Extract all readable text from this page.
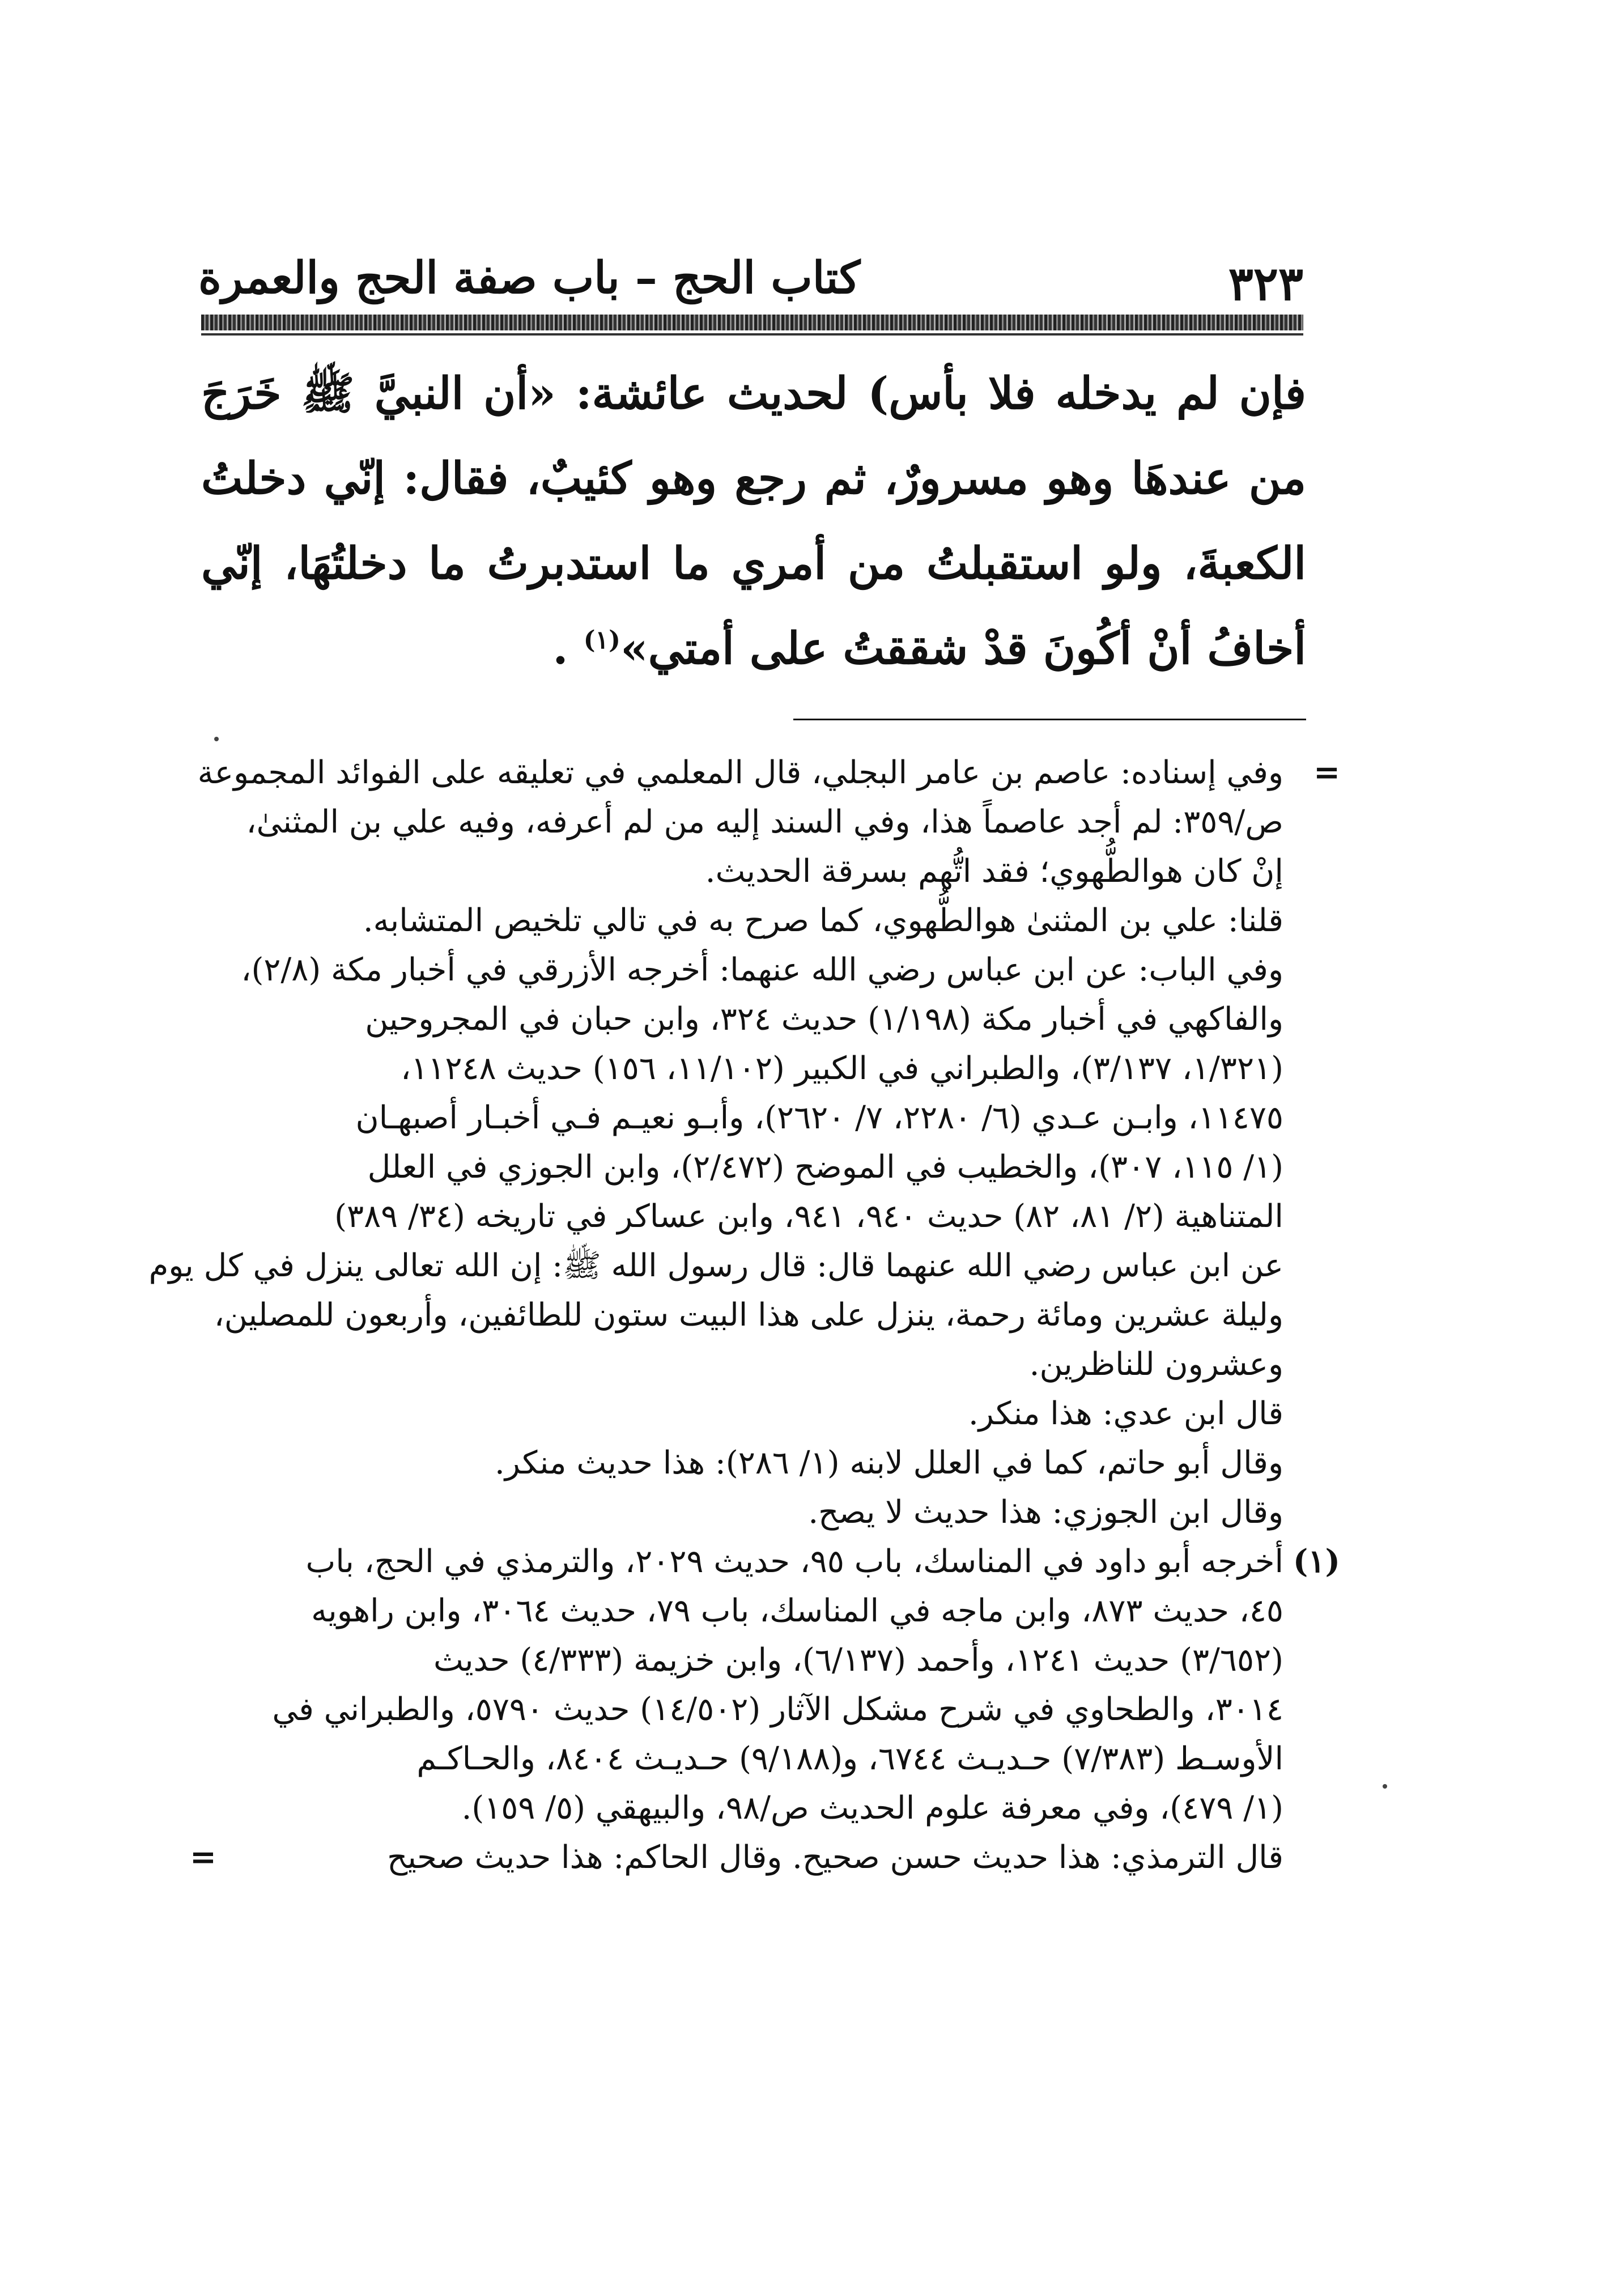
٣٢٣
كتاب الحج – باب صفة الحج والعمرة
فإن لم يدخله فلا بأس) لحديث عائشة: «أن النبيَّ ﷺ خَرَجَ من عندهَا وهو مسرورٌ، ثم رجع وهو كئيبٌ، فقال: إنّي دخلتُ الكعبةَ، ولو استقبلتُ من أمري ما استدبرتُ ما دخلتُهَا، إنّي أخافُ أنْ أكُونَ قدْ شققتُ على أمتي»$^{(١)}$ .
=
وفي إسناده: عاصم بن عامر البجلي، قال المعلمي في تعليقه على الفوائد المجموعة
ص/٣٥٩: لم أجد عاصماً هذا، وفي السند إليه من لم أعرفه، وفيه علي بن المثنىٰ،
إنْ كان هوالطُّهوي؛ فقد اتُّهم بسرقة الحديث.
قلنا: علي بن المثنىٰ هوالطُّهوي، كما صرح به في تالي تلخيص المتشابه.
وفي الباب: عن ابن عباس رضي الله عنهما: أخرجه الأزرقي في أخبار مكة (٢/٨)،
والفاكهي في أخبار مكة (١/١٩٨) حديث ٣٢٤، وابن حبان في المجروحين
(١/٣٢١، ٣/١٣٧)، والطبراني في الكبير (١١/١٠٢، ١٥٦) حديث ١١٢٤٨،
١١٤٧٥، وابـن عـدي (٦/ ٢٢٨٠، ٧/ ٢٦٢٠)، وأبـو نعيـم فـي أخبـار أصبهـان
(١/ ١١٥، ٣٠٧)، والخطيب في الموضح (٢/٤٧٢)، وابن الجوزي في العلل
المتناهية (٢/ ٨١، ٨٢) حديث ٩٤٠، ٩٤١، وابن عساكر في تاريخه (٣٤/ ٣٨٩)
عن ابن عباس رضي الله عنهما قال: قال رسول الله ﷺ: إن الله تعالى ينزل في كل يوم
وليلة عشرين ومائة رحمة، ينزل على هذا البيت ستون للطائفين، وأربعون للمصلين،
وعشرون للناظرين.
قال ابن عدي: هذا منكر.
وقال أبو حاتم، كما في العلل لابنه (١/ ٢٨٦): هذا حديث منكر.
وقال ابن الجوزي: هذا حديث لا يصح.
(١)
أخرجه أبو داود في المناسك، باب ٩٥، حديث ٢٠٢٩، والترمذي في الحج، باب
٤٥، حديث ٨٧٣، وابن ماجه في المناسك، باب ٧٩، حديث ٣٠٦٤، وابن راهويه
(٣/٦٥٢) حديث ١٢٤١، وأحمد (٦/١٣٧)، وابن خزيمة (٤/٣٣٣) حديث
٣٠١٤، والطحاوي في شرح مشكل الآثار (١٤/٥٠٢) حديث ٥٧٩٠، والطبراني في
الأوسـط (٧/٣٨٣) حـديـث ٦٧٤٤، و(٩/١٨٨) حـديـث ٨٤٠٤، والحـاكـم
(١/ ٤٧٩)، وفي معرفة علوم الحديث ص/٩٨، والبيهقي (٥/ ١٥٩).
قال الترمذي: هذا حديث حسن صحيح. وقال الحاكم: هذا حديث صحيح
=
